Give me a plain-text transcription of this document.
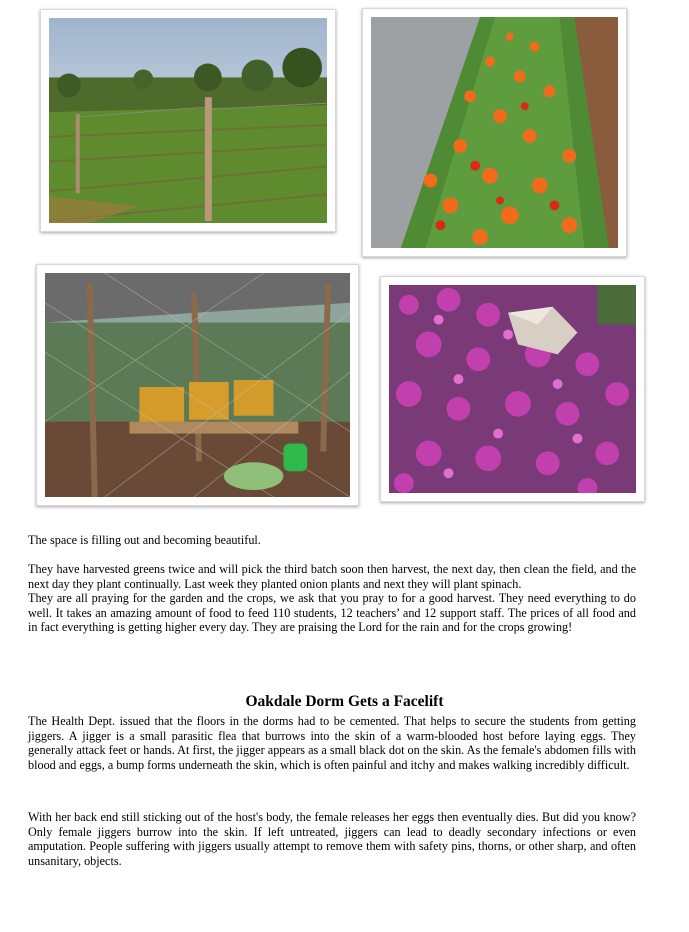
The space is filling out and becoming beautiful.

They have harvested greens twice and will pick the third batch soon then harvest, the next day, then clean the field, and the next day they plant continually. Last week they planted onion plants and next they will plant spinach.

They are all praying for the garden and the crops, we ask that you pray to for a good harvest. They need everything to do well. It takes an amazing amount of food to feed 110 students, 12 teachers’ and 12 support staff. The prices of all food and in fact everything is getting higher every day. They are praising the Lord for the rain and for the crops growing!

Oakdale Dorm Gets a Facelift

The Health Dept. issued that the floors in the dorms had to be cemented. That helps to secure the students from getting jiggers. A jigger is a small parasitic flea that burrows into the skin of a warm-blooded host before laying eggs. They generally attack feet or hands. At first, the jigger appears as a small black dot on the skin. As the female's abdomen fills with blood and eggs, a bump forms underneath the skin, which is often painful and itchy and makes walking incredibly difficult.

With her back end still sticking out of the host's body, the female releases her eggs then eventually dies. But did you know? Only female jiggers burrow into the skin. If left untreated, jiggers can lead to deadly secondary infections or even amputation. People suffering with jiggers usually attempt to remove them with safety pins, thorns, or other sharp, and often unsanitary, objects.
